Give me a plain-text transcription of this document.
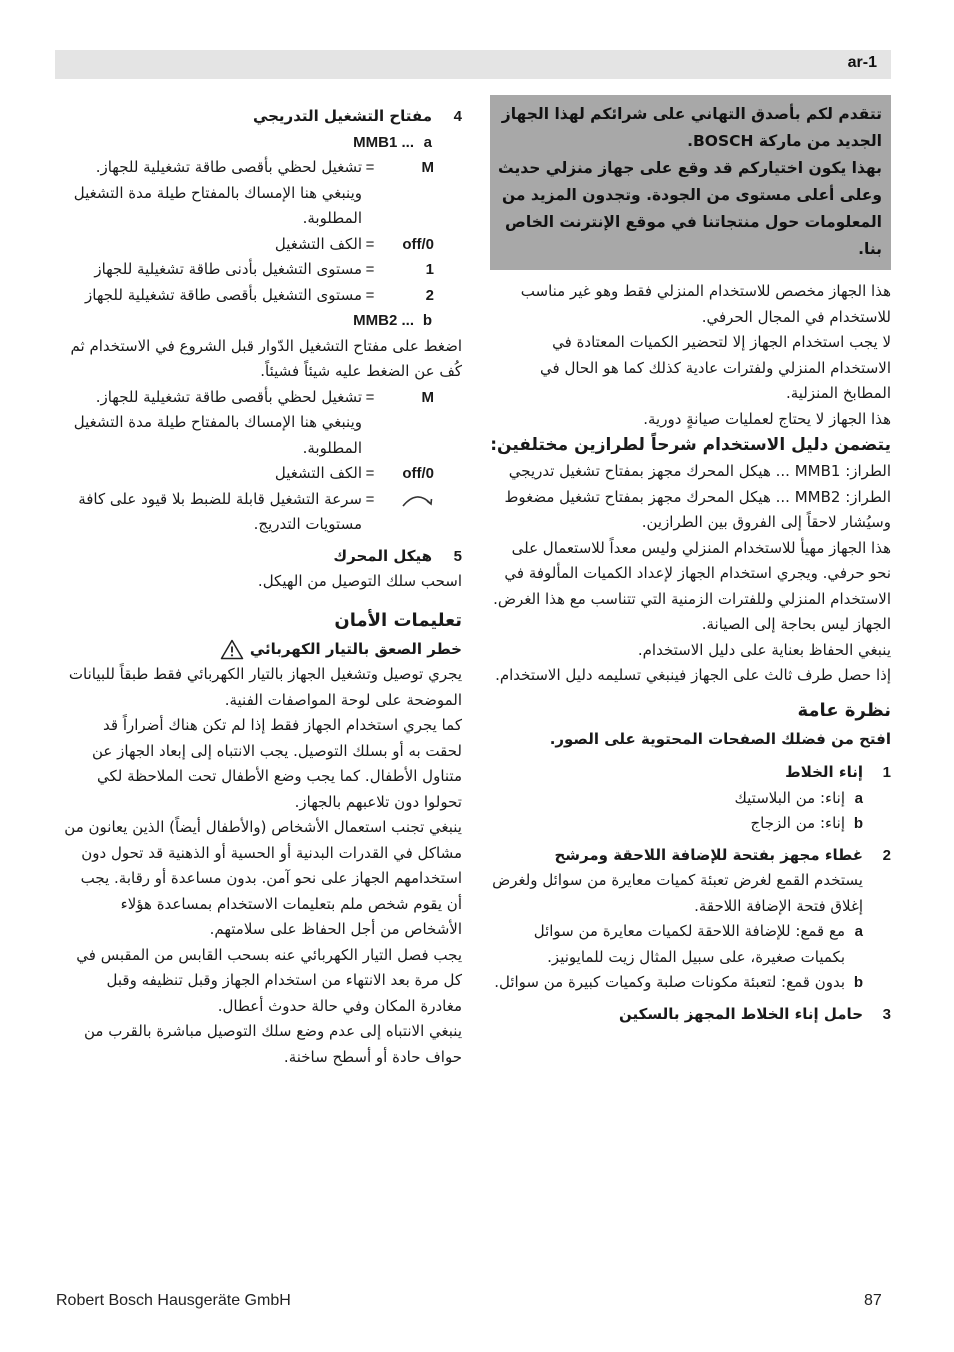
ar-1

تتقدم لكم بأصدق التهاني على شرائكم لهذا الجهاز الجديد من ماركة BOSCH.

بهذا يكون اختياركم قد وقع على جهاز منزلي حديث وعلى أعلى مستوى من الجودة. وتجدون المزيد من المعلومات حول منتجاتنا في موقع الإنترنت الخاص بنا.

هذا الجهاز مخصص للاستخدام المنزلي فقط وهو غير مناسب للاستخدام في المجال الحرفي.

لا يجب استخدام الجهاز إلا لتحضير الكميات المعتادة في الاستخدام المنزلي ولفترات عادية كذلك كما هو الحال في المطابخ المنزلية.

هذا الجهاز لا يحتاج لعمليات صيانةٍ دورية.

يتضمن دليل الاستخدام شرحاً لطرازين مختلفين:

الطراز: MMB1 ... هيكل المحرك مجهز بمفتاح تشغيل تدريجي

الطراز: MMB2 ... هيكل المحرك مجهز بمفتاح تشغيل مضغوط

وسيُشار لاحقاً إلى الفروق بين الطرازين.

هذا الجهاز مهيأ للاستخدام المنزلي وليس معداً للاستعمال على نحو حرفي. ويجري استخدام الجهاز لإعداد الكميات المألوفة في الاستخدام المنزلي وللفترات الزمنية التي تتناسب مع هذا الغرض.

الجهاز ليس بحاجة إلى الصيانة.

ينبغي الحفاظ بعناية على دليل الاستخدام.

إذا حصل طرف ثالث على الجهاز فينبغي تسليمه دليل الاستخدام.

نظرة عامة

افتح من فضلك الصفحات المحتوية على الصور.

1

إناء الخلاط

a
إناء: من البلاستيك
b
إناء: من الزجاج
2

غطاء مجهز بفتحة للإضافة اللاحقة ومرشح

يستخدم القمع لغرض تعبئة كميات معايرة من سوائل ولغرض إغلاق فتحة الإضافة اللاحقة.

a
مع قمع: للإضافة اللاحقة لكميات معايرة من سوائل بكميات صغيرة، على سبيل المثال زيت للمايونيز.
b
بدون قمع: لتعبئة مكونات صلبة وكميات كبيرة من سوائل.
3

حامل إناء الخلاط المجهز بالسكين

4

مفتاح التشغيل التدريجي

a
MMB1 ...
M
=
تشغيل لحظي بأقصى طاقة تشغيلية للجهاز. وينبغي هنا الإمساك بالمفتاح طيلة مدة التشغيل المطلوبة.
off/0
=
الكف التشغيل
1
=
مستوى التشغيل بأدنى طاقة تشغيلية للجهاز
2
=
مستوى التشغيل بأقصى طاقة تشغيلية للجهاز
b
MMB2 ...

اضغط على مفتاح التشغيل الدّوار قبل الشروع في الاستخدام ثم كُف عن الضغط عليه شيئاً فشيئاً.

M
=
تشغيل لحظي بأقصى طاقة تشغيلية للجهاز. وينبغي هنا الإمساك بالمفتاح طيلة مدة التشغيل المطلوبة.
off/0
=
الكف التشغيل
=
سرعة التشغيل قابلة للضبط بلا قيود على كافة مستويات التدريج.
5

هيكل المحرك

اسحب سلك التوصيل من الهيكل.

تعليمات الأمان

خطر الصعق بالتيار الكهربائي

يجري توصيل وتشغيل الجهاز بالتيار الكهربائي فقط طبقاً للبيانات الموضحة على لوحة المواصفات الفنية.

كما يجري استخدام الجهاز فقط إذا لم تكن هناك أضراراً قد لحقت به أو بسلك التوصيل. يجب الانتباه إلى إبعاد الجهاز عن متناول الأطفال. كما يجب وضع الأطفال تحت الملاحظة لكي تحولوا دون تلاعبهم بالجهاز.

ينبغي تجنب استعمال الأشخاص (والأطفال أيضاً) الذين يعانون من مشاكل في القدرات البدنية أو الحسية أو الذهنية قد تحول دون استخدامهم الجهاز على نحو آمن. بدون مساعدة أو رقابة. يجب أن يقوم شخص ملم بتعليمات الاستخدام بمساعدة هؤلاء الأشخاص من أجل الحفاظ على سلامتهم.

يجب فصل التيار الكهربائي عنه بسحب القابس من المقبس في كل مرة بعد الانتهاء من استخدام الجهاز وقبل تنظيفه وقبل مغادرة المكان وفي حالة حدوث أعطال.

ينبغي الانتباه إلى عدم وضع سلك التوصيل مباشرة بالقرب من حواف حادة أو أسطح ساخنة.

Robert Bosch Hausgeräte GmbH	87
